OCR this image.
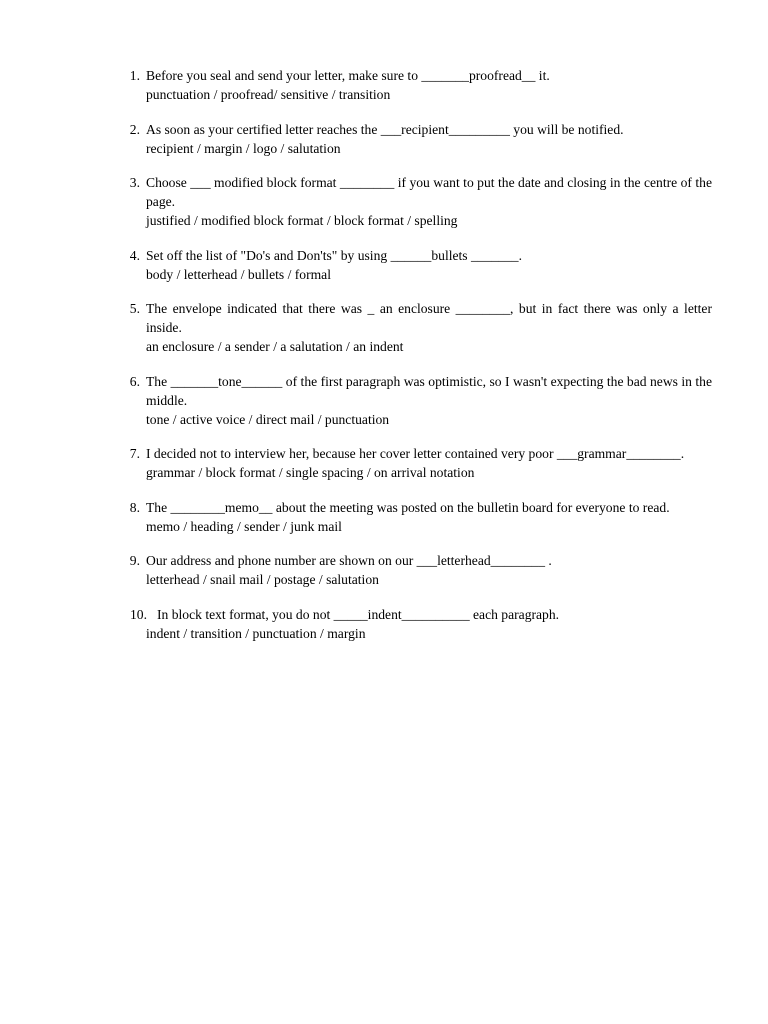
1. Before you seal and send your letter, make sure to _______proofread__ it.
punctuation / proofread/ sensitive / transition
2. As soon as your certified letter reaches the ___recipient_________ you will be notified.
recipient / margin / logo / salutation
3. Choose ___ modified block format ________ if you want to put the date and closing in the centre of the page.
justified / modified block format / block format / spelling
4. Set off the list of "Do's and Don'ts" by using ______bullets _______.
body / letterhead / bullets / formal
5. The envelope indicated that there was _ an enclosure ________, but in fact there was only a letter inside.
an enclosure / a sender / a salutation / an indent
6. The _______tone______ of the first paragraph was optimistic, so I wasn't expecting the bad news in the middle.
tone / active voice / direct mail / punctuation
7. I decided not to interview her, because her cover letter contained very poor ___grammar________.
grammar / block format / single spacing / on arrival notation
8. The ________memo__ about the meeting was posted on the bulletin board for everyone to read.
memo / heading / sender / junk mail
9. Our address and phone number are shown on our ___letterhead________ .
letterhead / snail mail / postage / salutation
10. In block text format, you do not _____indent__________ each paragraph.
indent / transition / punctuation / margin
